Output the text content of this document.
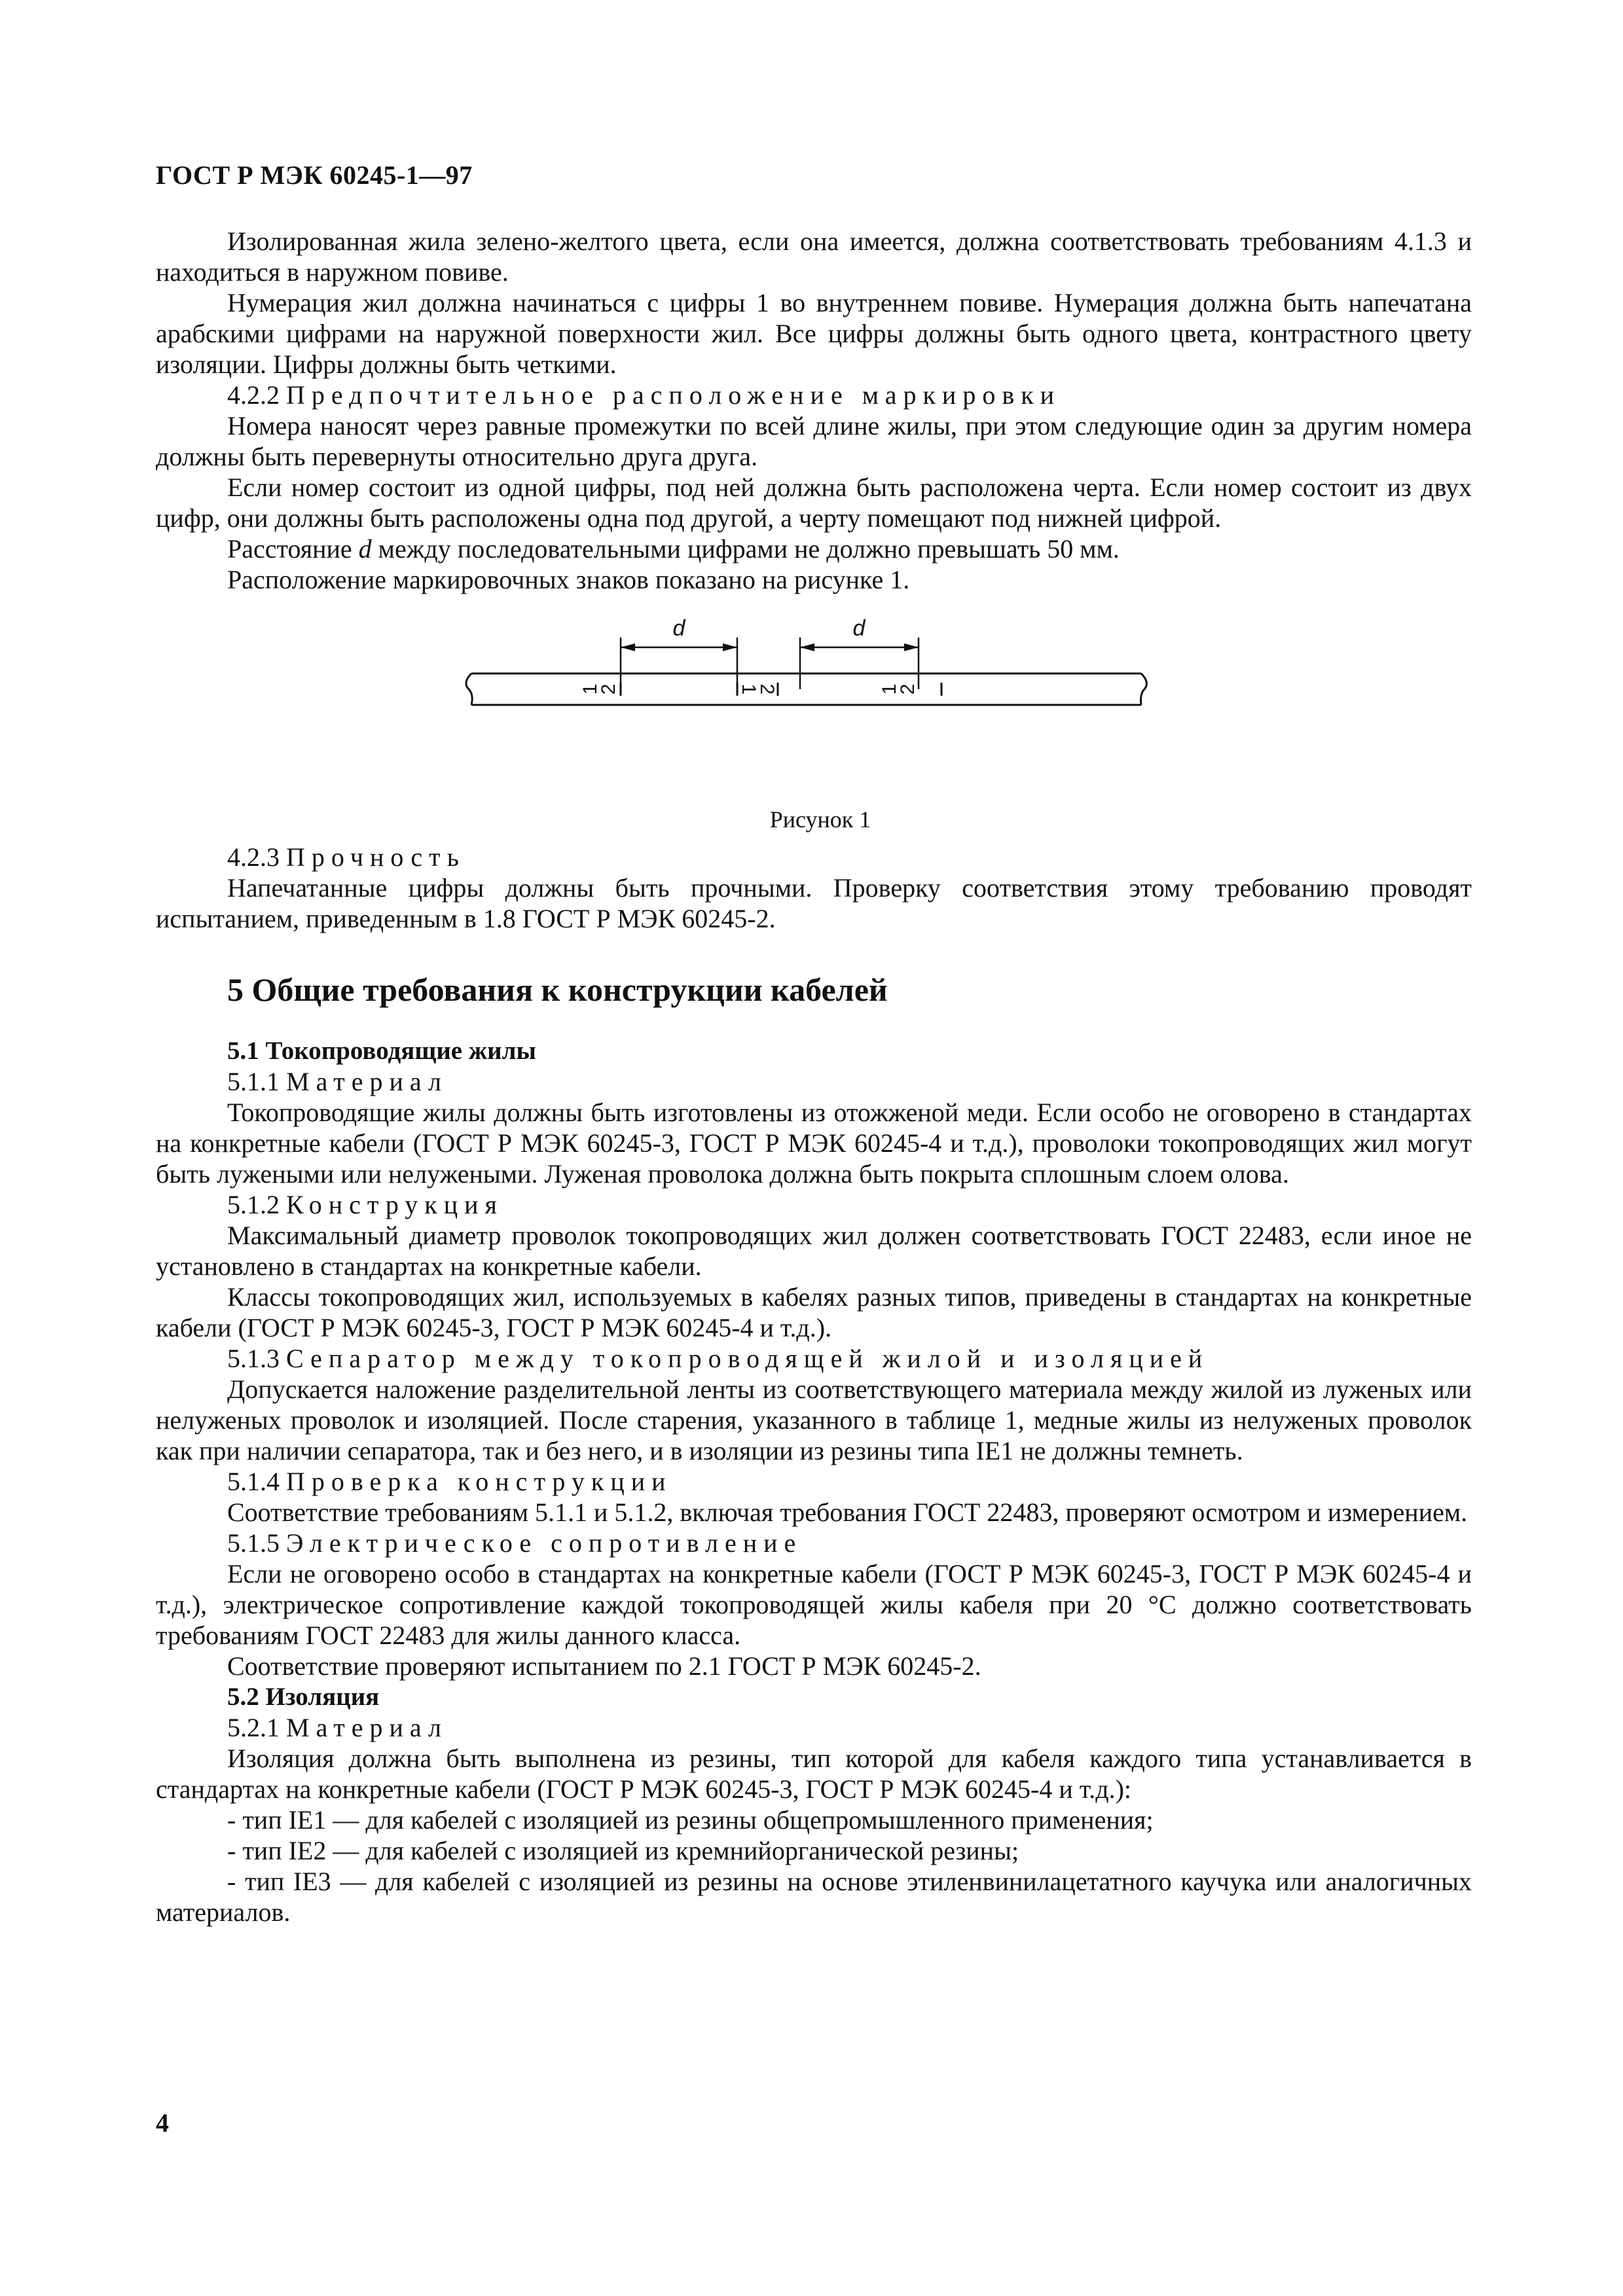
ГОСТ Р МЭК 60245-1—97

Изолированная жила зелено-желтого цвета, если она имеется, должна соответствовать требованиям 4.1.3 и находиться в наружном повиве.

Нумерация жил должна начинаться с цифры 1 во внутреннем повиве. Нумерация должна быть напечатана арабскими цифрами на наружной поверхности жил. Все цифры должны быть одного цвета, контрастного цвету изоляции. Цифры должны быть четкими.

4.2.2 Предпочтительное расположение маркировки

Номера наносят через равные промежутки по всей длине жилы, при этом следующие один за другим номера должны быть перевернуты относительно друга друга.

Если номер состоит из одной цифры, под ней должна быть расположена черта. Если номер состоит из двух цифр, они должны быть расположены одна под другой, а черту помещают под нижней цифрой.

Расстояние d между последовательными цифрами не должно превышать 50 мм.

Расположение маркировочных знаков показано на рисунке 1.

d	d
1
2	2
1	1
2

Рисунок 1

4.2.3 Прочность

Напечатанные цифры должны быть прочными. Проверку соответствия этому требованию проводят испытанием, приведенным в 1.8 ГОСТ Р МЭК 60245-2.

5 Общие требования к конструкции кабелей

5.1 Токопроводящие жилы

5.1.1 Материал

Токопроводящие жилы должны быть изготовлены из отожженой меди. Если особо не оговорено в стандартах на конкретные кабели (ГОСТ Р МЭК 60245-3, ГОСТ Р МЭК 60245-4 и т.д.), проволоки токопроводящих жил могут быть лужеными или нелужеными. Луженая проволока должна быть покрыта сплошным слоем олова.

5.1.2 Конструкция

Максимальный диаметр проволок токопроводящих жил должен соответствовать ГОСТ 22483, если иное не установлено в стандартах на конкретные кабели.

Классы токопроводящих жил, используемых в кабелях разных типов, приведены в стандартах на конкретные кабели (ГОСТ Р МЭК 60245-3, ГОСТ Р МЭК 60245-4 и т.д.).

5.1.3 Сепаратор между токопроводящей жилой и изоляцией

Допускается наложение разделительной ленты из соответствующего материала между жилой из луженых или нелуженых проволок и изоляцией. После старения, указанного в таблице 1, медные жилы из нелуженых проволок как при наличии сепаратора, так и без него, и в изоляции из резины типа IE1 не должны темнеть.

5.1.4 Проверка конструкции

Соответствие требованиям 5.1.1 и 5.1.2, включая требования ГОСТ 22483, проверяют осмотром и измерением.

5.1.5 Электрическое сопротивление

Если не оговорено особо в стандартах на конкретные кабели (ГОСТ Р МЭК 60245-3, ГОСТ Р МЭК 60245-4 и т.д.), электрическое сопротивление каждой токопроводящей жилы кабеля при 20 °С должно соответствовать требованиям ГОСТ 22483 для жилы данного класса.

Соответствие проверяют испытанием по 2.1 ГОСТ Р МЭК 60245-2.

5.2 Изоляция

5.2.1 Материал

Изоляция должна быть выполнена из резины, тип которой для кабеля каждого типа устанавливается в стандартах на конкретные кабели (ГОСТ Р МЭК 60245-3, ГОСТ Р МЭК 60245-4 и т.д.):

- тип IE1 — для кабелей с изоляцией из резины общепромышленного применения;

- тип IE2 — для кабелей с изоляцией из кремнийорганической резины;

- тип IE3 — для кабелей с изоляцией из резины на основе этиленвинилацетатного каучука или аналогичных материалов.

4
